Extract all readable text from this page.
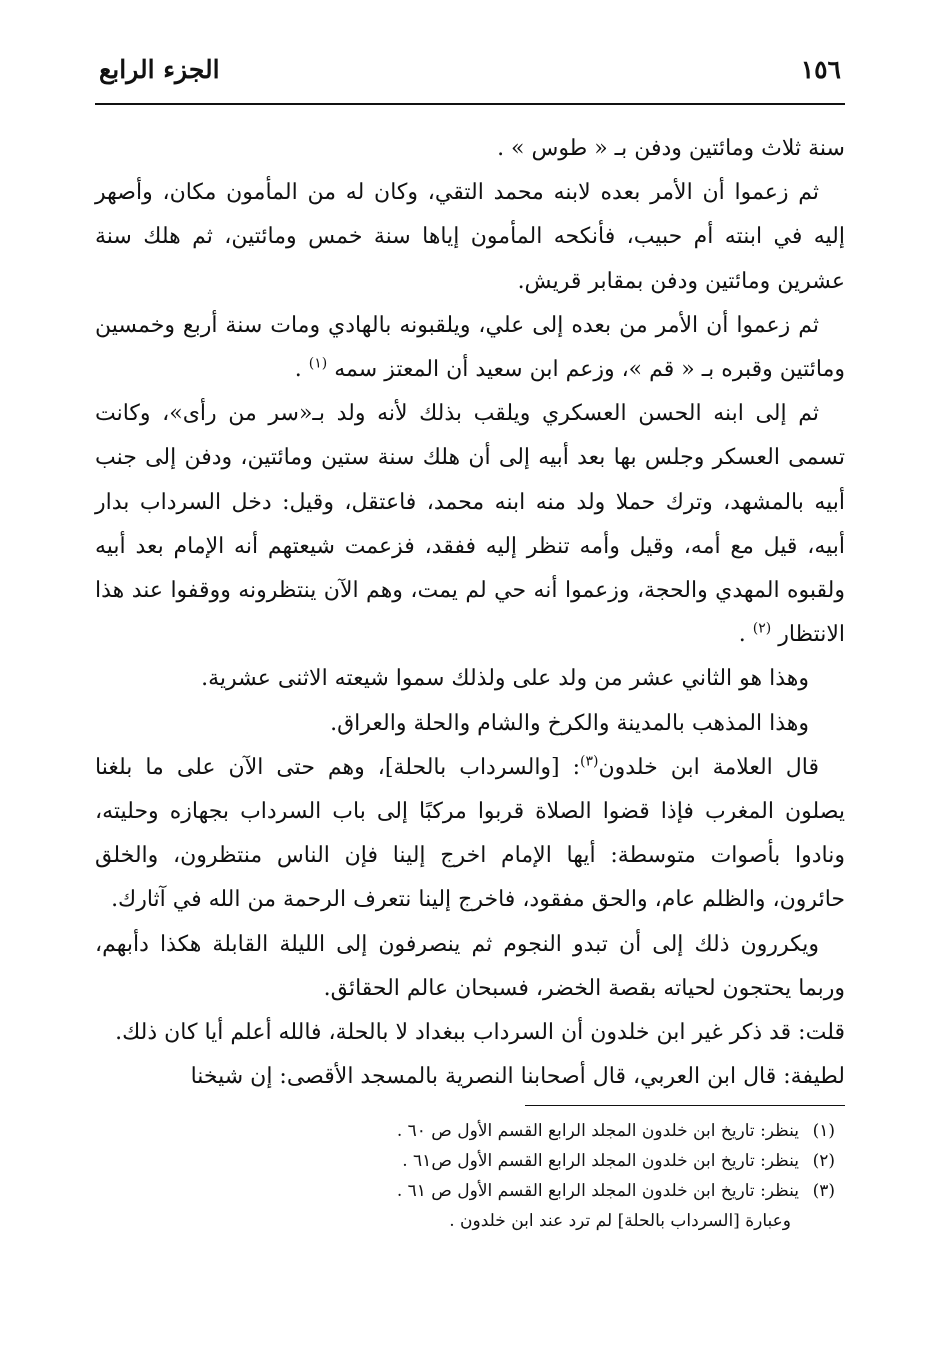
١٥٦
الجزء الرابع

سنة ثلاث ومائتين ودفن بـ « طوس » .

ثم زعموا أن الأمر بعده لابنه محمد التقي، وكان له من المأمون مكان، وأصهر إليه في ابنته أم حبيب، فأنكحه المأمون إياها سنة خمس ومائتين، ثم هلك سنة عشرين ومائتين ودفن بمقابر قريش.

ثم زعموا أن الأمر من بعده إلى علي، ويلقبونه بالهادي ومات سنة أربع وخمسين ومائتين وقبره بـ « قم »، وزعم ابن سعيد أن المعتز سمه $^{(١)}$ .

ثم إلى ابنه الحسن العسكري ويلقب بذلك لأنه ولد بـ«سر من رأى»، وكانت تسمى العسكر وجلس بها بعد أبيه إلى أن هلك سنة ستين ومائتين، ودفن إلى جنب أبيه بالمشهد، وترك حملا ولد منه ابنه محمد، فاعتقل، وقيل: دخل السرداب بدار أبيه، قيل مع أمه، وقيل وأمه تنظر إليه ففقد، فزعمت شيعتهم أنه الإمام بعد أبيه ولقبوه المهدي والحجة، وزعموا أنه حي لم يمت، وهم الآن ينتظرونه ووقفوا عند هذا الانتظار $^{(٢)}$ .

وهذا هو الثاني عشر من ولد على ولذلك سموا شيعته الاثنى عشرية.

وهذا المذهب بالمدينة والكرخ والشام والحلة والعراق.

قال العلامة ابن خلدون$^{(٣)}$: [والسرداب بالحلة]، وهم حتى الآن على ما بلغنا يصلون المغرب فإذا قضوا الصلاة قربوا مركبًا إلى باب السرداب بجهازه وحليته، ونادوا بأصوات متوسطة: أيها الإمام اخرج إلينا فإن الناس منتظرون، والخلق حائرون، والظلم عام، والحق مفقود، فاخرج إلينا نتعرف الرحمة من الله في آثارك.

ويكررون ذلك إلى أن تبدو النجوم ثم ينصرفون إلى الليلة القابلة هكذا دأبهم، وربما يحتجون لحياته بقصة الخضر، فسبحان عالم الحقائق.

قلت: قد ذكر غير ابن خلدون أن السرداب ببغداد لا بالحلة، فالله أعلم أيا كان ذلك.

لطيفة: قال ابن العربي، قال أصحابنا النصرية بالمسجد الأقصى: إن شيخنا

(١)ينظر: تاريخ ابن خلدون المجلد الرابع القسم الأول ص ٦٠ .

(٢)ينظر: تاريخ ابن خلدون المجلد الرابع القسم الأول ص٦١ .

(٣)ينظر: تاريخ ابن خلدون المجلد الرابع القسم الأول ص ٦١ .

وعبارة [السرداب بالحلة] لم ترد عند ابن خلدون .
